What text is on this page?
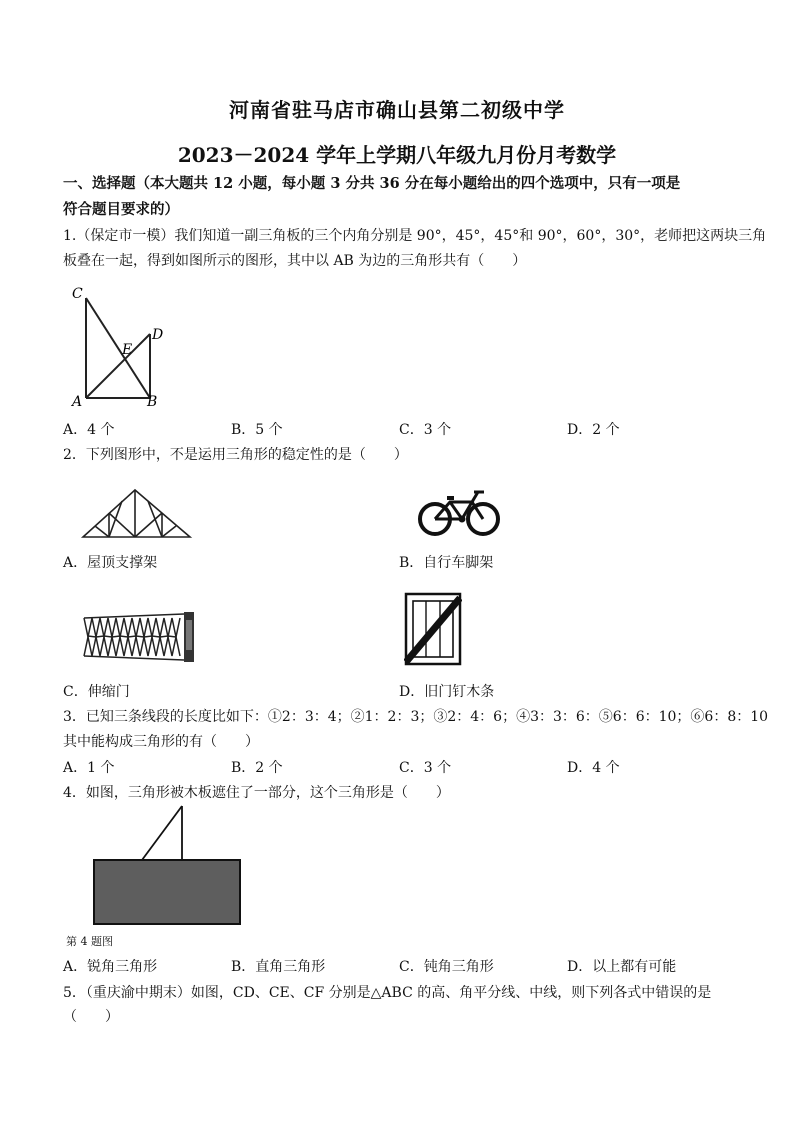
河南省驻马店市确山县第二初级中学
2023－2024 学年上学期八年级九月份月考数学
一、选择题（本大题共 12 小题，每小题 3 分共 36 分在每小题给出的四个选项中，只有一项是
符合题目要求的）
1.（保定市一模）我们知道一副三角板的三个内角分别是 90°，45°，45°和 90°，60°，30°，老师把这两块三角
板叠在一起，得到如图所示的图形，其中以 AB 为边的三角形共有（　　）
C
D
E
A	B
A．4 个	B．5 个	C．3 个	D．2 个
2．下列图形中，不是运用三角形的稳定性的是（　　）
A．屋顶支撑架	B．自行车脚架
C．伸缩门	D．旧门钉木条
3．已知三条线段的长度比如下：①2：3：4；②1：2：3；③2：4：6；④3：3：6：⑤6：6：10；⑥6：8：10
其中能构成三角形的有（　　）
A．1 个	B．2 个	C．3 个	D．4 个
4．如图，三角形被木板遮住了一部分，这个三角形是（　　）
第 4 题图
A．锐角三角形	B．直角三角形	C．钝角三角形	D．以上都有可能
5．（重庆渝中期末）如图，CD、CE、CF 分别是△ABC 的高、角平分线、中线，则下列各式中错误的是
（　　）
